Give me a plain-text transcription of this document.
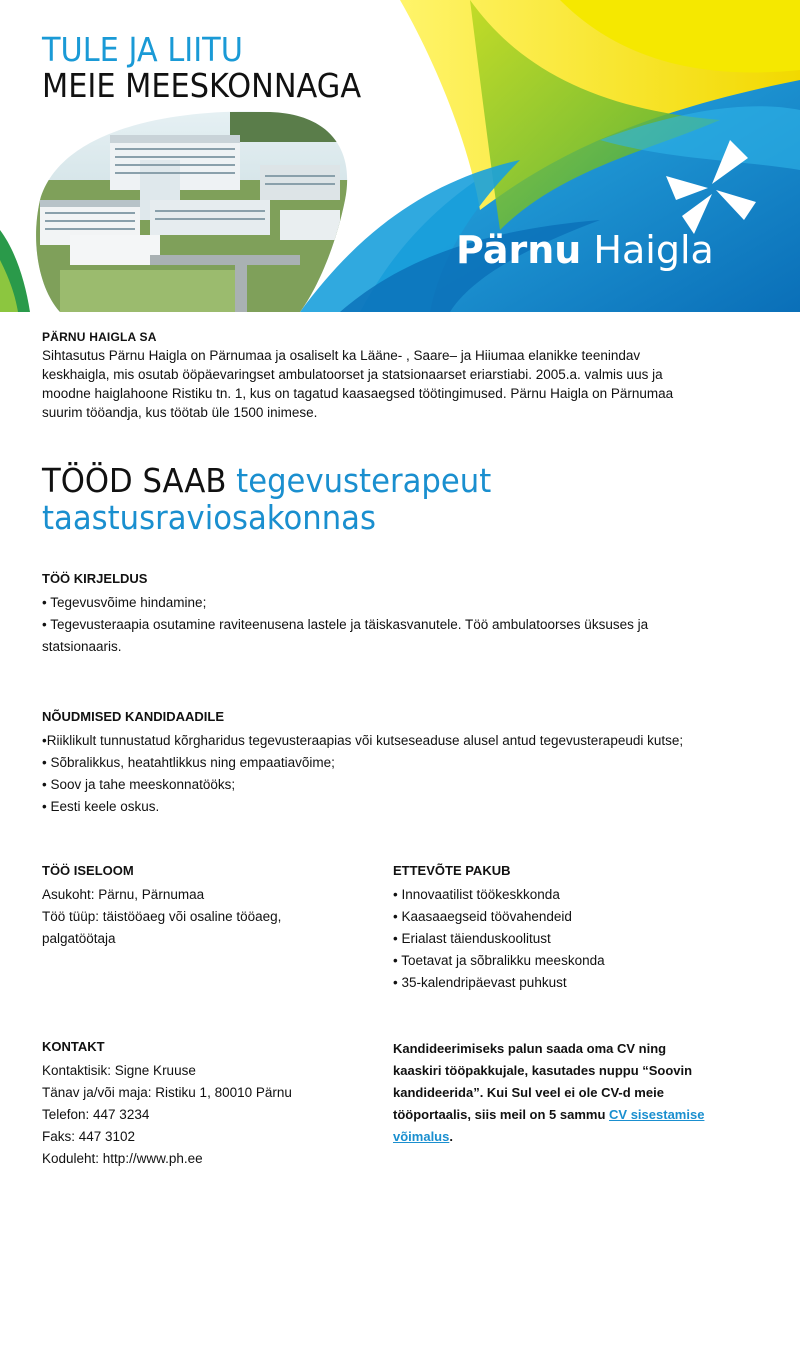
TULE JA LIITU
MEIE MEESKONNAGA
Pärnu Haigla
PÄRNU HAIGLA SA
Sihtasutus Pärnu Haigla on Pärnumaa ja osaliselt ka Lääne- , Saare– ja Hiiumaa elanikke teenindav keskhaigla, mis osutab ööpäevaringset ambulatoorset ja statsionaarset eriarstiabi. 2005.a. valmis uus ja moodne haiglahoone Ristiku tn. 1, kus on tagatud kaasaegsed töötingimused. Pärnu Haigla on Pärnumaa suurim tööandja, kus töötab üle 1500 inimese.
TÖÖD SAAB tegevusterapeut
taastusraviosakonnas
TÖÖ KIRJELDUS
• Tegevusvõime hindamine;
• Tegevusteraapia osutamine raviteenusena lastele ja täiskasvanutele. Töö ambulatoorses üksuses ja statsionaaris.
NÕUDMISED KANDIDAADILE
•Riiklikult tunnustatud kõrgharidus tegevusteraapias või kutseseaduse alusel antud tegevusterapeudi kutse;
• Sõbralikkus, heatahtlikkus ning empaatiavõime;
• Soov ja tahe meeskonnatööks;
• Eesti keele oskus.
TÖÖ ISELOOM
Asukoht: Pärnu, Pärnumaa
Töö tüüp: täistööaeg või osaline tööaeg, palgatöötaja
ETTEVÕTE PAKUB
• Innovaatilist töökeskkonda
• Kaasaaegseid töövahendeid
• Erialast täienduskoolitust
• Toetavat ja sõbralikku meeskonda
• 35-kalendripäevast puhkust
KONTAKT
Kontaktisik: Signe Kruuse
Tänav ja/või maja: Ristiku 1, 80010 Pärnu
Telefon: 447 3234
Faks: 447 3102
Koduleht: http://www.ph.ee
Kandideerimiseks palun saada oma CV ning kaaskiri tööpakkujale, kasutades nuppu “Soovin kandideerida”. Kui Sul veel ei ole CV-d meie tööportaalis, siis meil on 5 sammu CV sisestamise võimalus.
